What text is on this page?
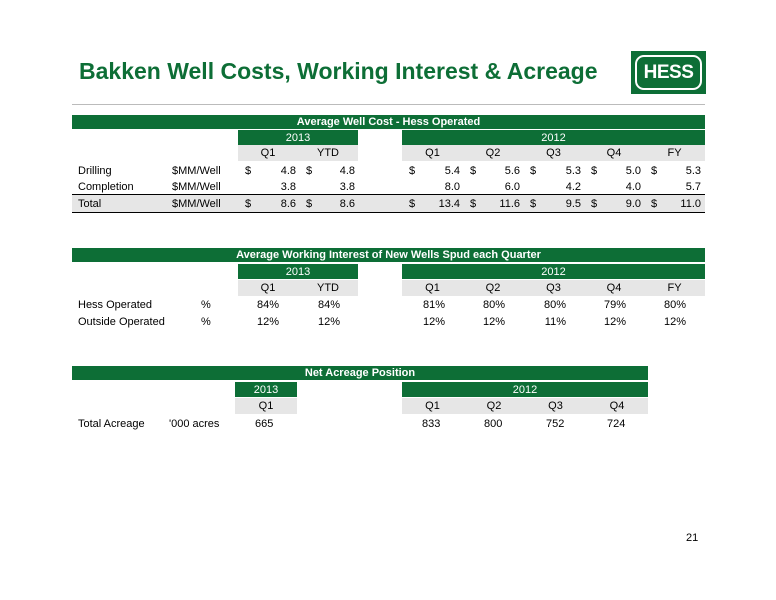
Bakken Well Costs, Working Interest & Acreage HESS
Average Well Cost - Hess Operated
2013	2012
Q1	YTD	Q1	Q2	Q3	Q4	FY
Drilling	$MM/Well $	4.8 $	4.8	$	5.4 $	5.6 $	5.3 $	5.0 $	5.3
Completion	$MM/Well	3.8	3.8	8.0	6.0	4.2	4.0	5.7
Total	$MM/Well $	8.6 $	8.6	$	13.4 $	11.6 $	9.5 $	9.0 $	11.0
Average Working Interest of New Wells Spud each Quarter
2013	2012
Q1	YTD	Q1	Q2	Q3	Q4	FY
Hess Operated	%	84%	84%	81%	80%	80%	79%	80%
Outside Operated	%	12%	12%	12%	12%	11%	12%	12%
Net Acreage Position
2013	2012
Q1	Q1	Q2	Q3	Q4
Total Acreage '000 acres	665	833	800	752	724
21
